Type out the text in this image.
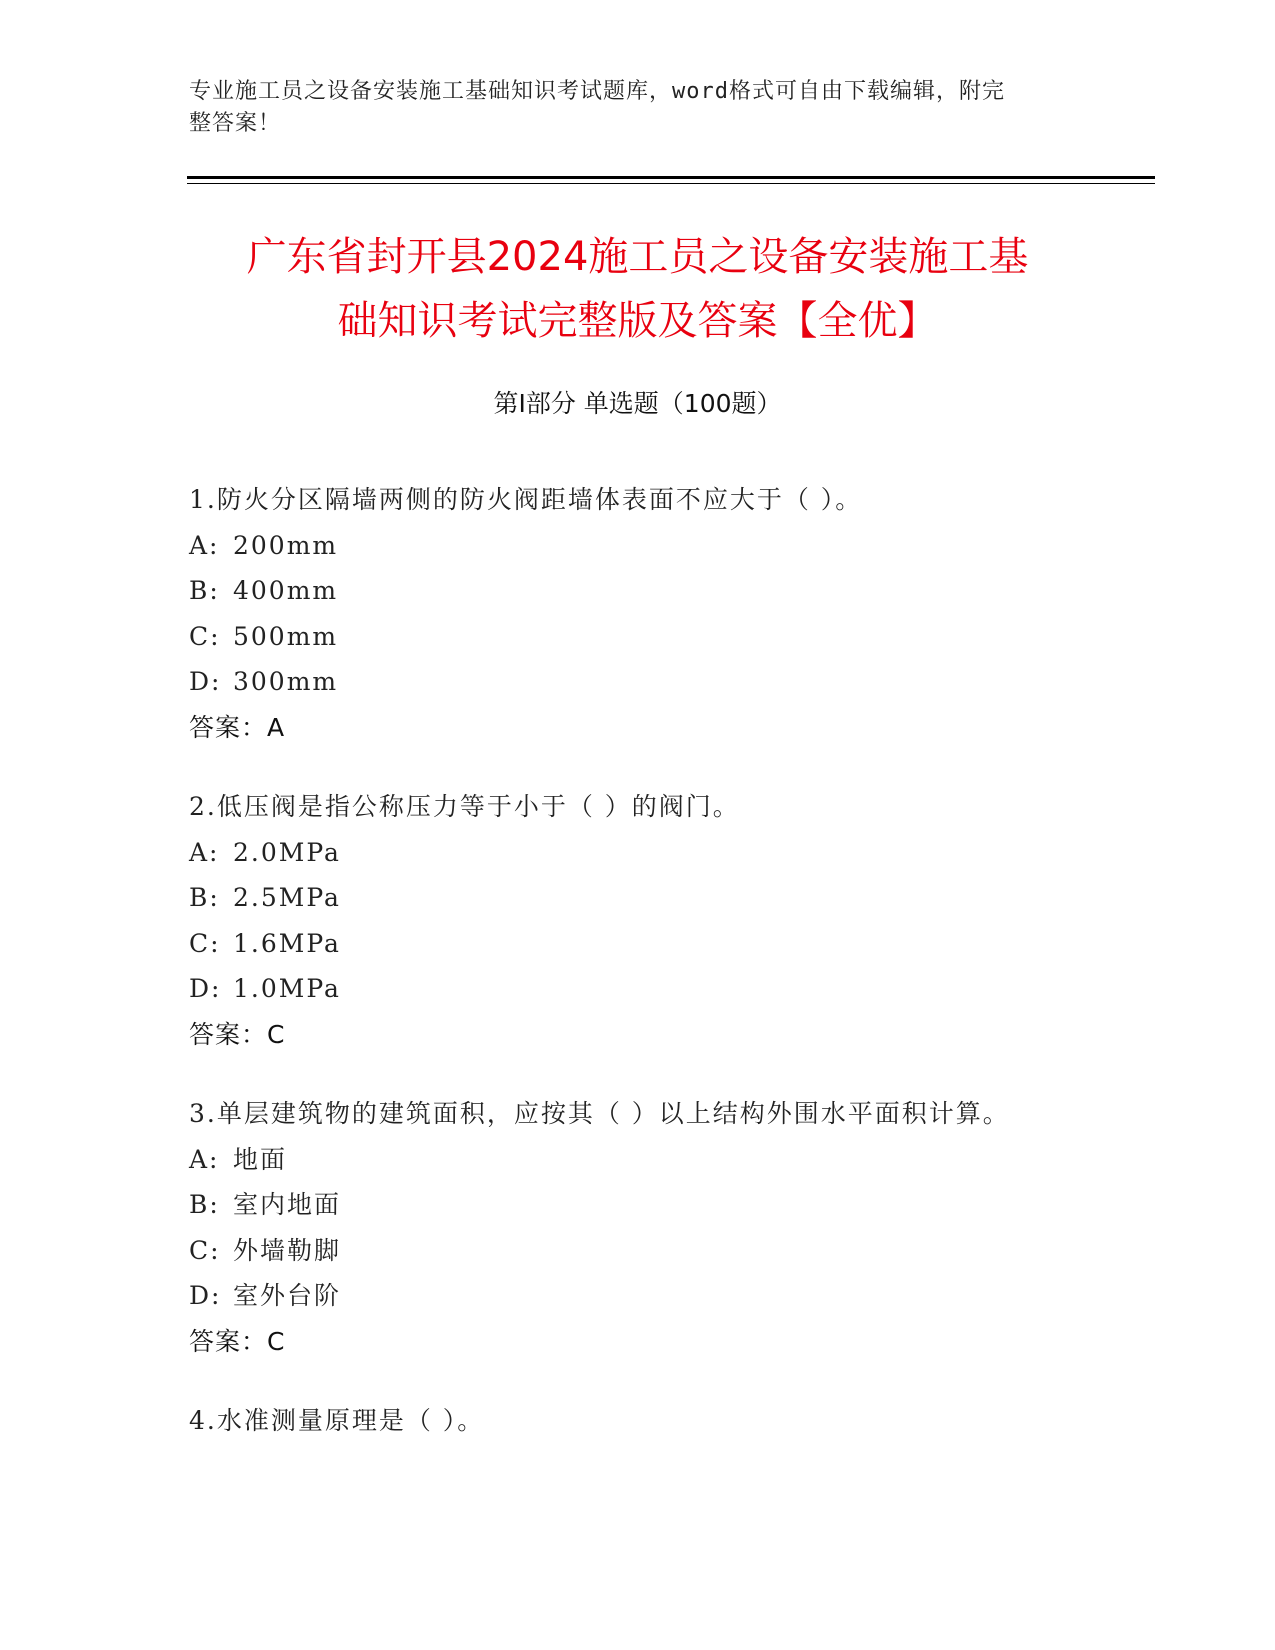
专业施工员之设备安装施工基础知识考试题库，word格式可自由下载编辑，附完
整答案！
广东省封开县2024施工员之设备安装施工基
础知识考试完整版及答案【全优】
第Ⅰ部分 单选题（100题）
1.防火分区隔墙两侧的防火阀距墙体表面不应大于（ ）。
A: 200mm
B: 400mm
C: 500mm
D: 300mm
答案：A
2.低压阀是指公称压力等于小于（ ）的阀门。
A: 2.0MPa
B: 2.5MPa
C: 1.6MPa
D: 1.0MPa
答案：C
3.单层建筑物的建筑面积，应按其（ ）以上结构外围水平面积计算。
A: 地面
B: 室内地面
C: 外墙勒脚
D: 室外台阶
答案：C
4.水准测量原理是（ ）。
